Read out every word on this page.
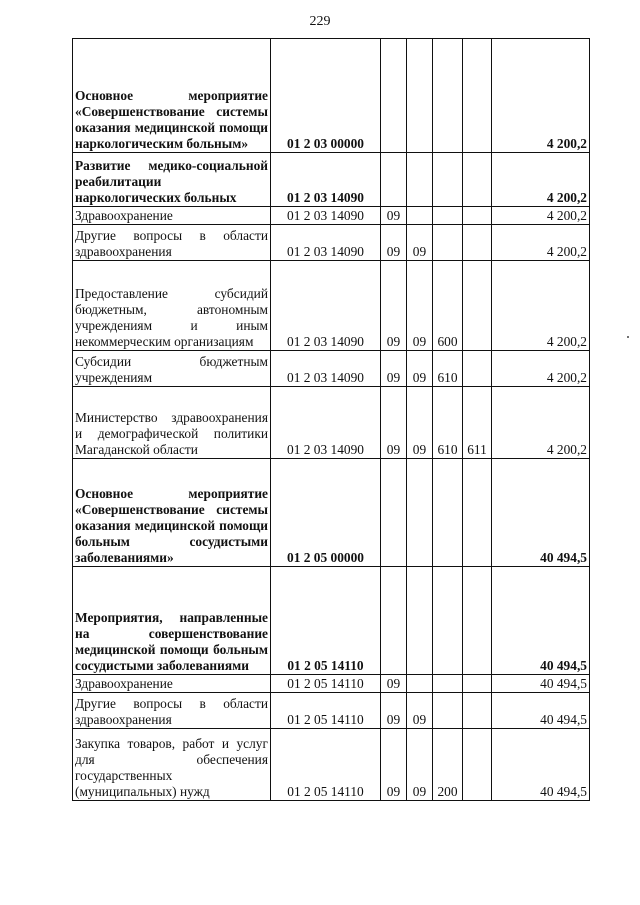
229
Основное мероприятие «Совершенствование системы оказания медицинской помощи наркологическим больным»	01 2 03 00000					4 200,2
Развитие медико-социальной реабилитации наркологических больных	01 2 03 14090					4 200,2
Здравоохранение	01 2 03 14090	09				4 200,2
Другие вопросы в области здравоохранения	01 2 03 14090	09	09			4 200,2
Предоставление субсидий бюджетным, автономным учреждениям и иным некоммерческим организациям	01 2 03 14090	09	09	600		4 200,2
Субсидии бюджетным учреждениям	01 2 03 14090	09	09	610		4 200,2
Министерство здравоохранения и демографической политики Магаданской области	01 2 03 14090	09	09	610	611	4 200,2
Основное мероприятие «Совершенствование системы оказания медицинской помощи больным сосудистыми заболеваниями»	01 2 05 00000					40 494,5
Мероприятия, направленные на совершенствование медицинской помощи больным сосудистыми заболеваниями	01 2 05 14110					40 494,5
Здравоохранение	01 2 05 14110	09				40 494,5
Другие вопросы в области здравоохранения	01 2 05 14110	09	09			40 494,5
Закупка товаров, работ и услуг для обеспечения государственных (муниципальных) нужд	01 2 05 14110	09	09	200		40 494,5
